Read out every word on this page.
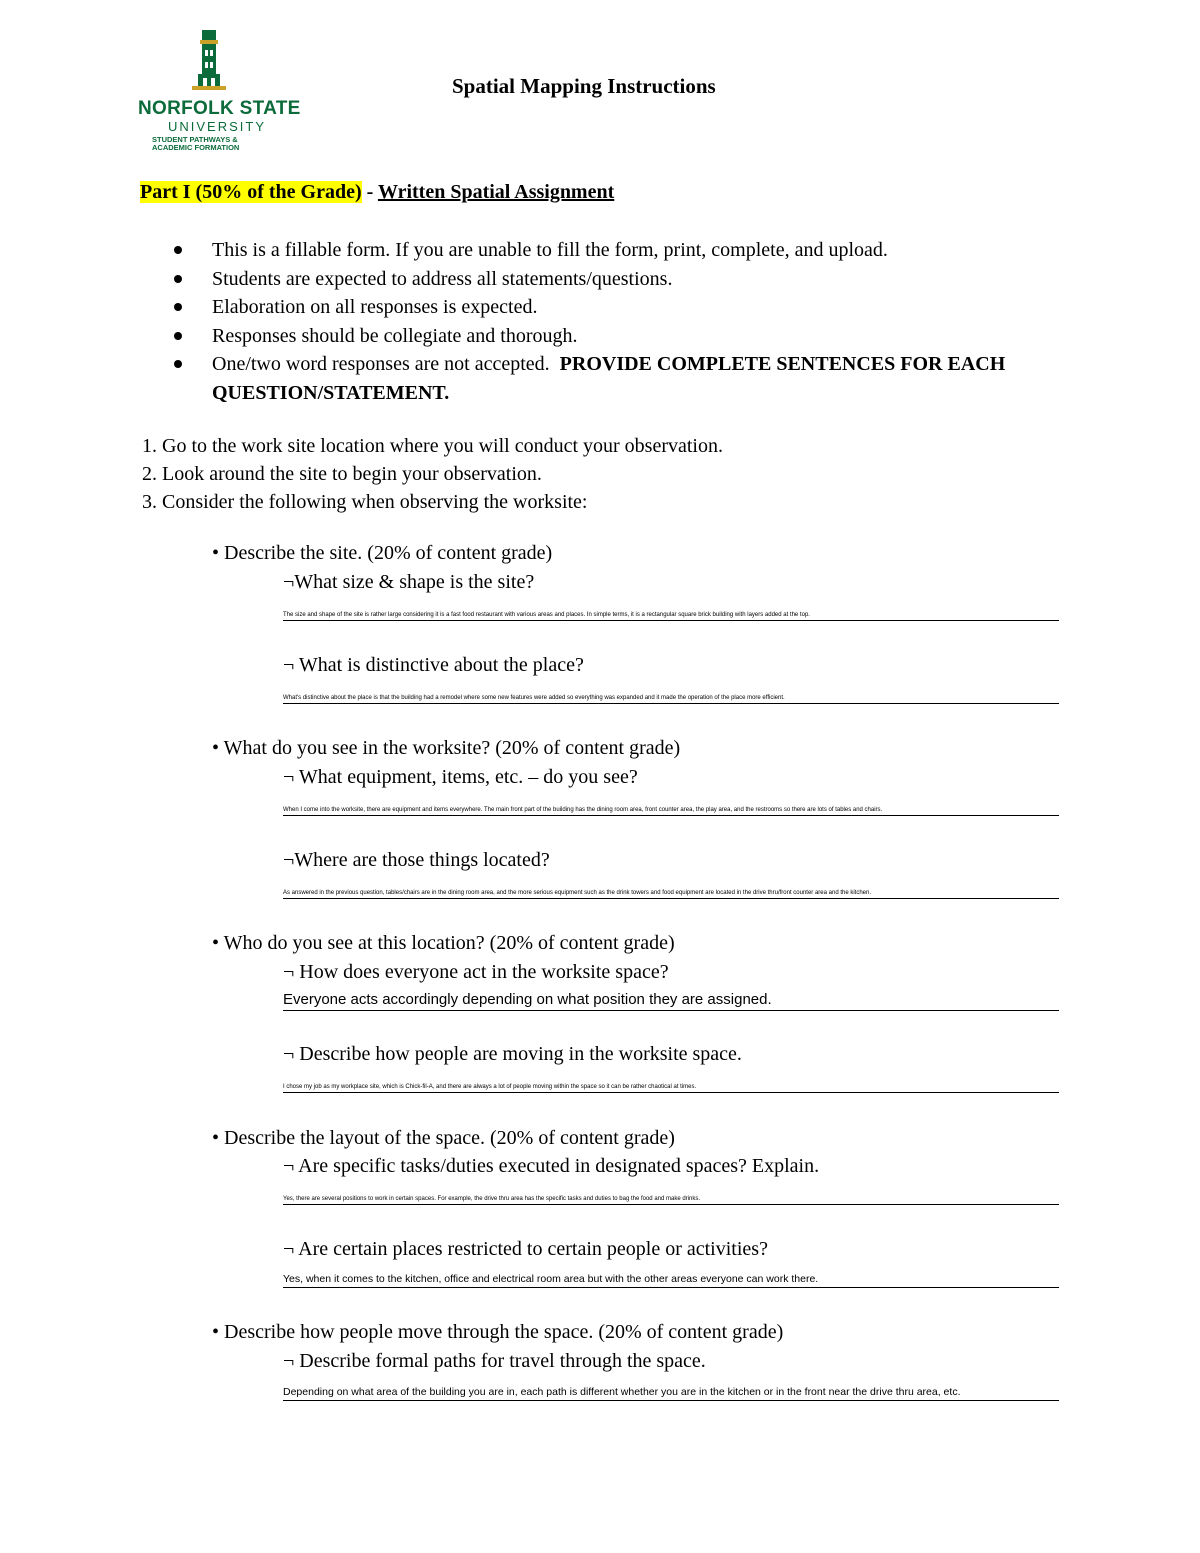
NORFOLK STATE
UNIVERSITY
STUDENT PATHWAYS &
ACADEMIC FORMATION
Spatial Mapping Instructions
Part I (50% of the Grade) - Written Spatial Assignment
This is a fillable form. If you are unable to fill the form, print, complete, and upload.
Students are expected to address all statements/questions.
Elaboration on all responses is expected.
Responses should be collegiate and thorough.
One/two word responses are not accepted.  PROVIDE COMPLETE SENTENCES FOR EACH QUESTION/STATEMENT.
1. Go to the work site location where you will conduct your observation.
2. Look around the site to begin your observation.
3. Consider the following when observing the worksite:
• Describe the site. (20% of content grade)
¬What size & shape is the site?
The size and shape of the site is rather large considering it is a fast food restaurant with various areas and places. In simple terms, it is a rectangular square brick building with layers added at the top.
¬ What is distinctive about the place?
What's distinctive about the place is that the building had a remodel where some new features were added so everything was expanded and it made the operation of the place more efficient.
• What do you see in the worksite? (20% of content grade)
¬ What equipment, items, etc. – do you see?
When I come into the worksite, there are equipment and items everywhere. The main front part of the building has the dining room area, front counter area, the play area, and the restrooms so there are lots of tables and chairs.
¬Where are those things located?
As answered in the previous question, tables/chairs are in the dining room area, and the more serious equipment such as the drink towers and food equipment are located in the drive thru/front counter area and the kitchen.
• Who do you see at this location? (20% of content grade)
¬ How does everyone act in the worksite space?
Everyone acts accordingly depending on what position they are assigned.
¬ Describe how people are moving in the worksite space.
I chose my job as my workplace site, which is Chick-fil-A, and there are always a lot of people moving within the space so it can be rather chaotical at times.
• Describe the layout of the space. (20% of content grade)
¬ Are specific tasks/duties executed in designated spaces? Explain.
Yes, there are several positions to work in certain spaces. For example, the drive thru area has the specific tasks and duties to bag the food and make drinks.
¬ Are certain places restricted to certain people or activities?
Yes, when it comes to the kitchen, office and electrical room area but with the other areas everyone can work there.
• Describe how people move through the space. (20% of content grade)
¬ Describe formal paths for travel through the space.
Depending on what area of the building you are in, each path is different whether you are in the kitchen or in the front near the drive thru area, etc.
